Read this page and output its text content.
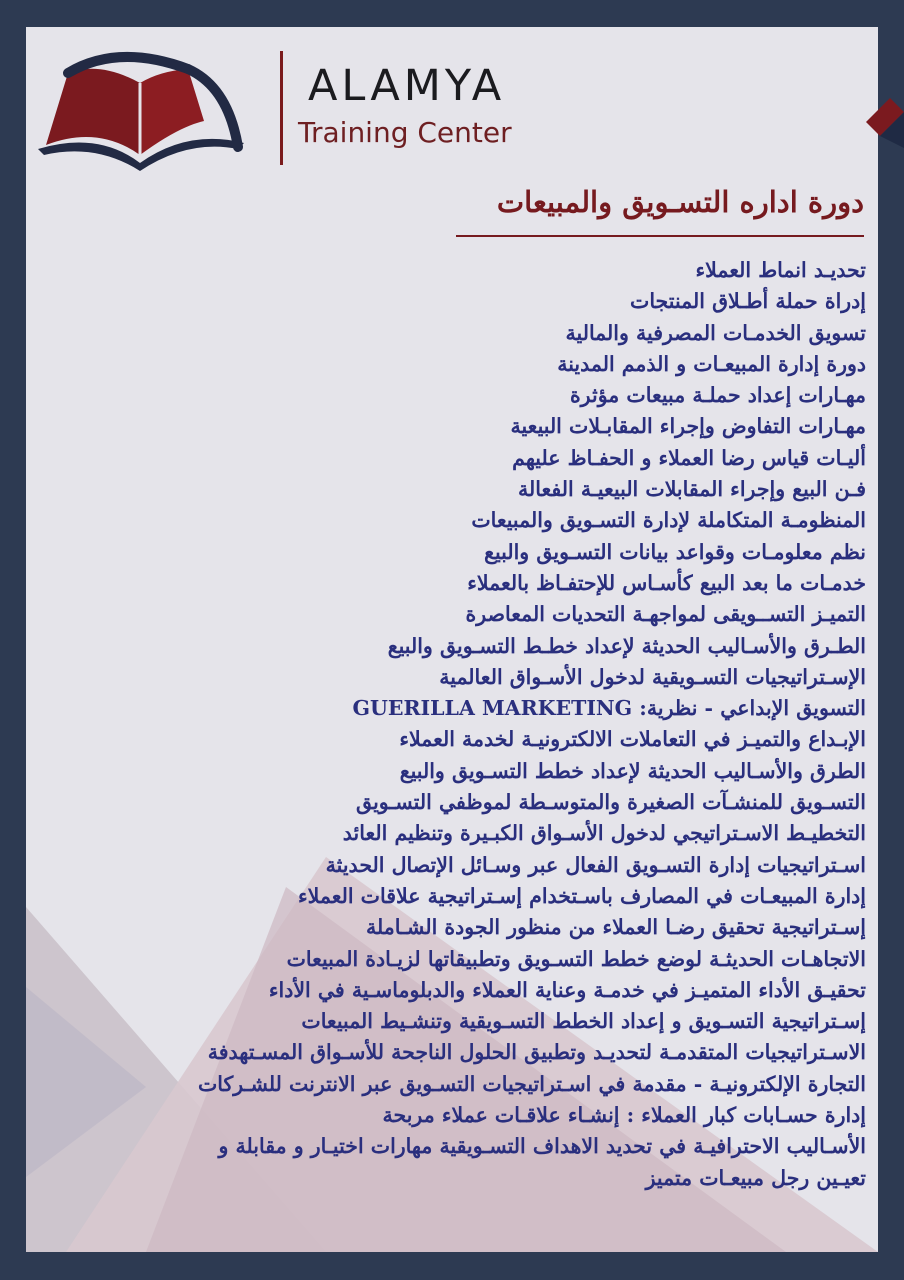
ALAMYA
Training Center
دورة اداره التسـويق والمبيعات
تحديـد انماط العملاء
إدراة حملة أطـلاق المنتجات
تسويق الخدمـات المصرفية والمالية
دورة إدارة المبيعـات و الذمم المدينة
مهـارات إعداد حملـة مبيعات مؤثرة
مهـارات التفاوض وإجراء المقابـلات البيعية
أليـات قياس رضا العملاء و الحفـاظ عليهم
فـن البيع وإجراء المقابلات البيعيـة الفعالة
المنظومـة المتكاملة لإدارة التسـويق والمبيعات
نظم معلومـات وقواعد بيانات التسـويق والبيع
خدمـات ما بعد البيع كأسـاس للإحتفـاظ بالعملاء
التميـز التســويقى لمواجهـة التحديات المعاصرة
الطـرق والأسـاليب الحديثة لإعداد خطـط التسـويق والبيع
الإسـتراتيجيات التسـويقية لدخول الأسـواق العالمية
التسويق الإبداعي - نظرية: GUERILLA MARKETING
الإبـداع والتميـز في التعاملات الالكترونيـة لخدمة العملاء
الطرق والأسـاليب الحديثة لإعداد خطط التسـويق والبيع
التسـويق للمنشـآت الصغيرة والمتوسـطة لموظفي التسـويق
التخطيـط الاسـتراتيجي لدخول الأسـواق الكبـيرة وتنظيم العائد
اسـتراتيجيات إدارة التسـويق الفعال عبر وسـائل الإتصال الحديثة
إدارة المبيعـات في المصارف باسـتخدام إسـتراتيجية علاقات العملاء
إسـتراتيجية تحقيق رضـا العملاء من منظور الجودة الشـاملة
الاتجاهـات الحديثـة لوضع خطط التسـويق وتطبيقاتها لزيـادة المبيعات
تحقيـق الأداء المتميـز في خدمـة وعناية العملاء والدبلوماسـية في الأداء
إسـتراتيجية التسـويق و إعداد الخطط التسـويقية وتنشـيط المبيعات
الاسـتراتيجيات المتقدمـة لتحديـد وتطبيق الحلول الناجحة للأسـواق المسـتهدفة
التجارة الإلكترونيـة - مقدمة في اسـتراتيجيات التسـويق عبر الانترنت للشـركات
إدارة حسـابات كبار العملاء : إنشـاء علاقـات عملاء مربحة
الأسـاليب الاحترافيـة في تحديد الاهداف التسـويقية مهارات اختيـار و مقابلة و
تعيـين رجل مبيعـات متميز
